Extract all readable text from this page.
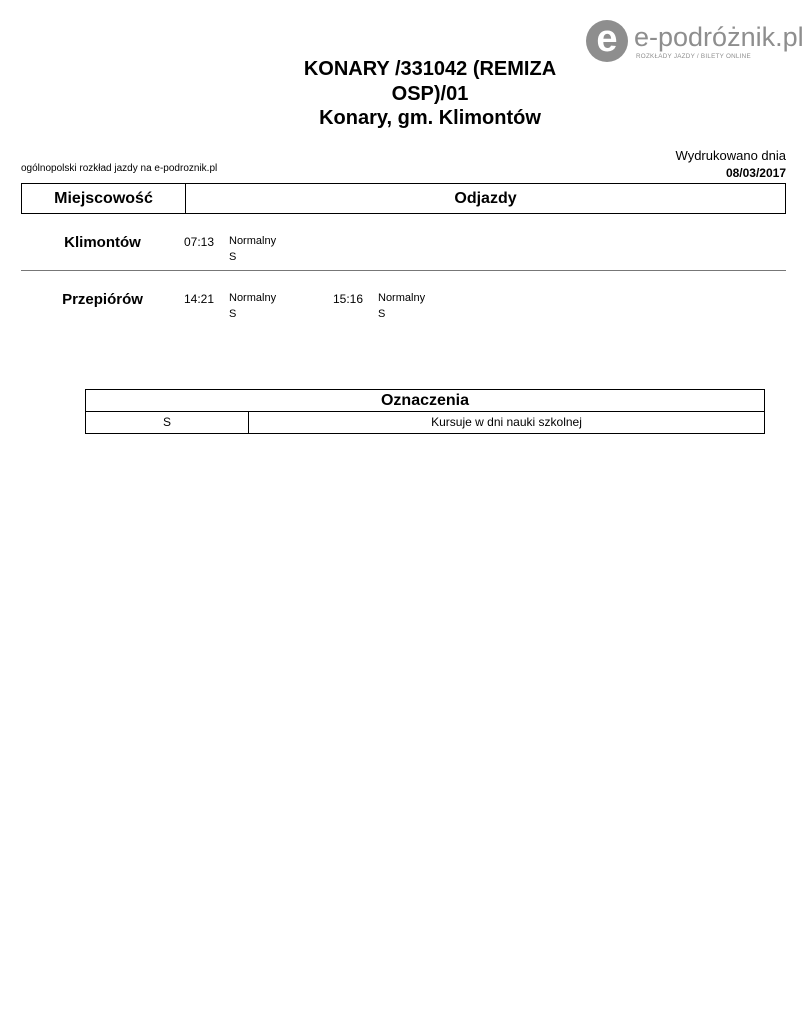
e e-podróżnik.pl
ROZKŁADY JAZDY / BILETY ONLINE
KONARY /331042 (REMIZA
OSP)/01
Konary, gm. Klimontów
ogólnopolski rozkład jazdy na e-podroznik.pl
Wydrukowano dnia
08/03/2017
Miejscowość	Odjazdy
Klimontów	07:13 Normalny
S
Przepiórów	14:21 Normalny
S
15:16 Normalny
S
Oznaczenia
S	Kursuje w dni nauki szkolnej
